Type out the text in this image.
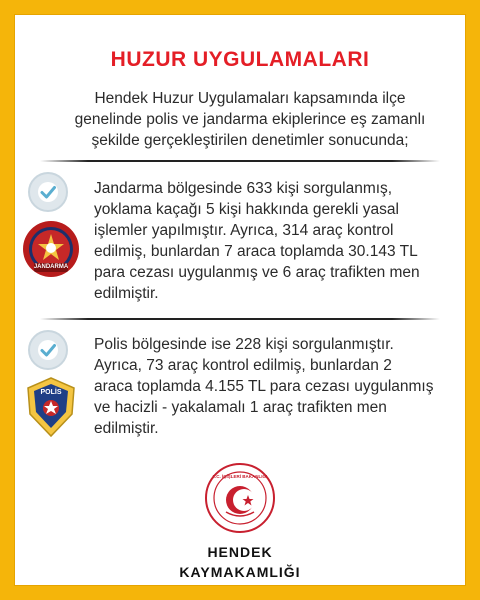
HUZUR UYGULAMALARI
Hendek Huzur Uygulamaları kapsamında ilçe
genelinde polis ve jandarma ekiplerince eş zamanlı
şekilde gerçekleştirilen denetimler sonucunda;
JANDARMA
Jandarma bölgesinde 633 kişi sorgulanmış,
yoklama kaçağı 5 kişi hakkında gerekli yasal
işlemler yapılmıştır. Ayrıca, 314 araç kontrol
edilmiş, bunlardan 7 araca toplamda 30.143 TL
para cezası uygulanmış ve 6 araç trafikten men
edilmiştir.
POLİS
Polis bölgesinde ise 228 kişi sorgulanmıştır.
Ayrıca, 73 araç kontrol edilmiş, bunlardan 2
araca toplamda 4.155 TL para cezası uygulanmış
ve hacizli - yakalamalı 1 araç trafikten men
edilmiştir.
T.C. İÇİŞLERİ BAKANLIĞI
HENDEK
KAYMAKAMLIĞI
